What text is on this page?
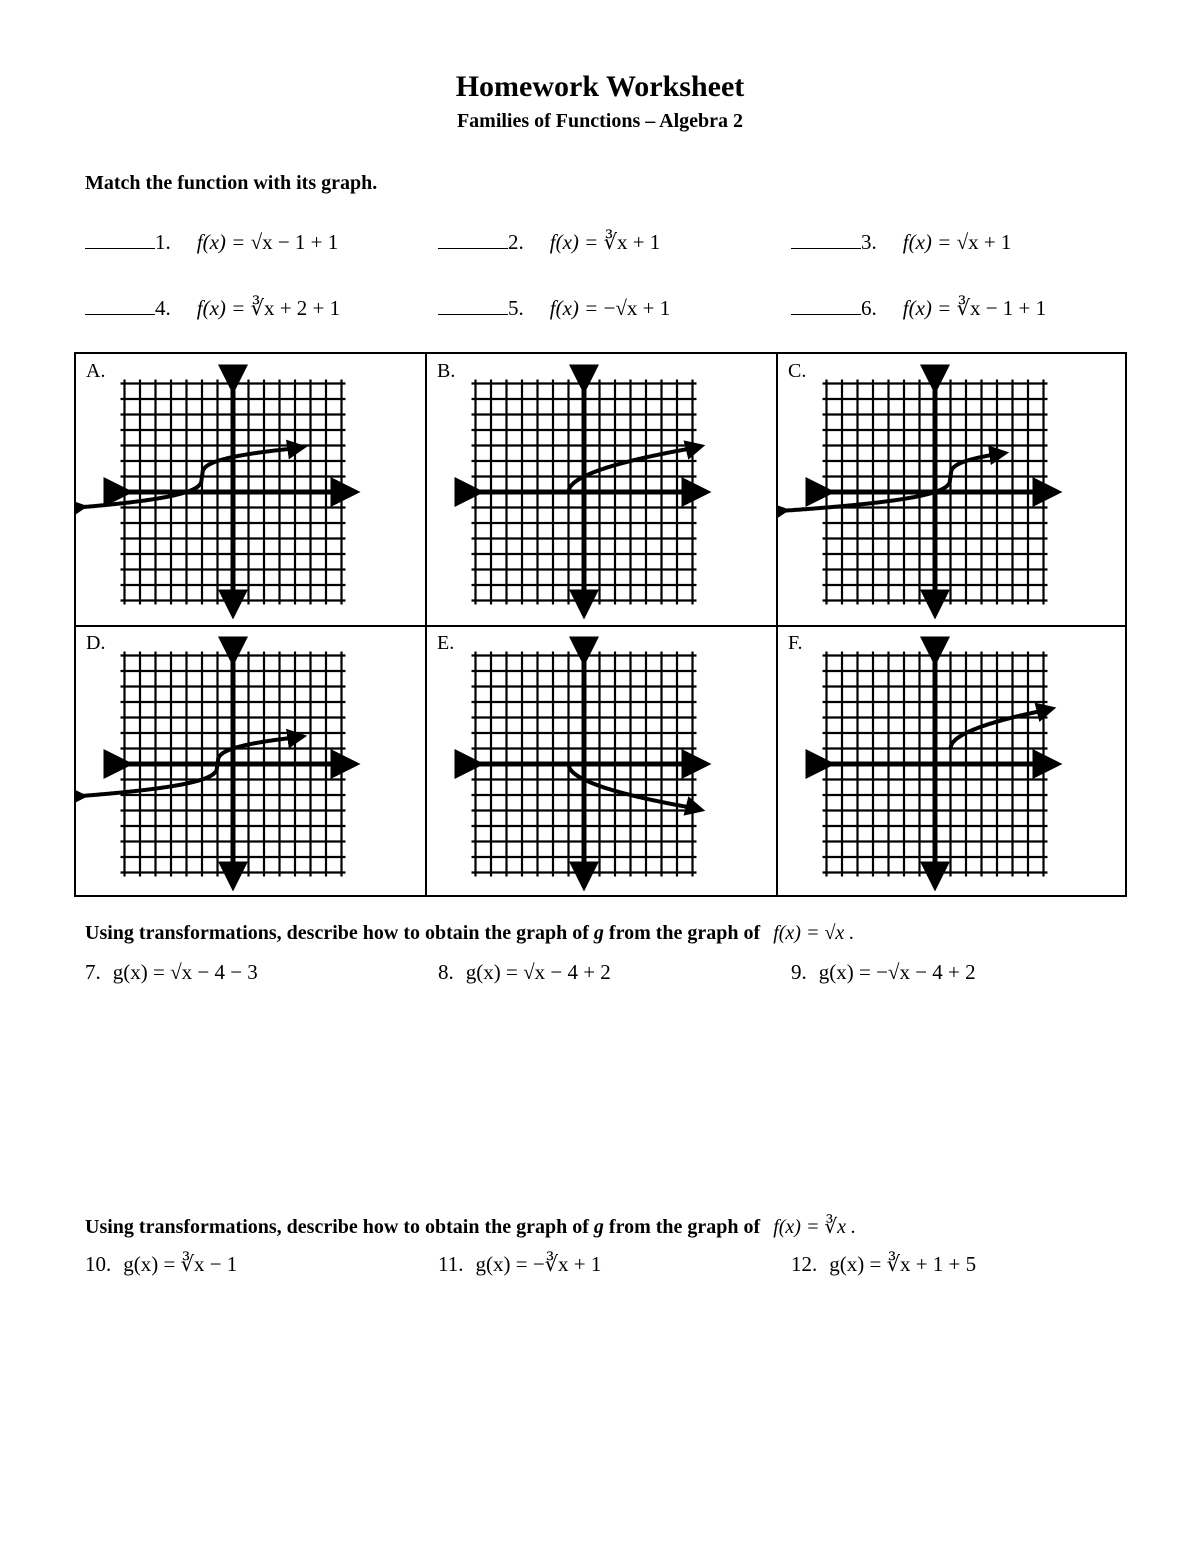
Homework Worksheet
Families of Functions – Algebra 2
Match the function with its graph.
1. f(x) = √x − 1 + 1	2. f(x) = ∛x + 1	3. f(x) = √x + 1
4. f(x) = ∛x + 2 + 1	5. f(x) = −√x + 1	6. f(x) = ∛x − 1 + 1
A.	B.	C.
D.	E.	F.
Using transformations, describe how to obtain the graph of g from the graph of f(x) = √x .
7. g(x) = √x − 4 − 3	8. g(x) = √x − 4 + 2	9. g(x) = −√x − 4 + 2
Using transformations, describe how to obtain the graph of g from the graph of f(x) = ∛x .
10. g(x) = ∛x − 1	11. g(x) = −∛x + 1	12. g(x) = ∛x + 1 + 5
